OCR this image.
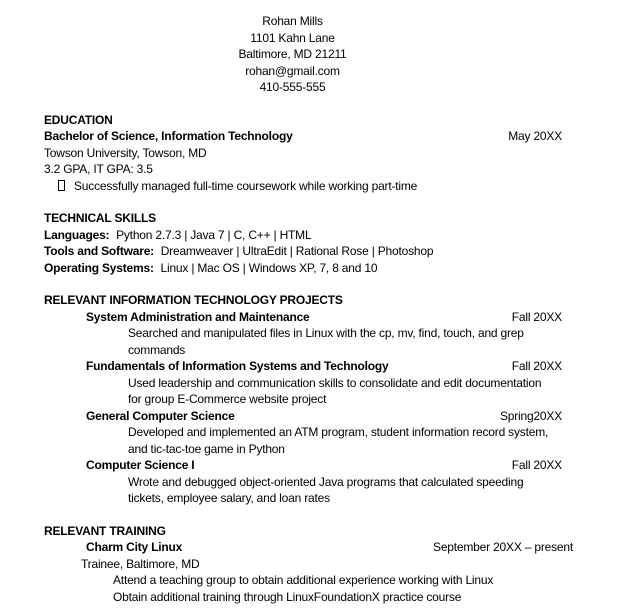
Rohan Mills
1101 Kahn Lane
Baltimore, MD 21211
rohan@gmail.com
410-555-555
EDUCATION
Bachelor of Science, Information Technology	May 20XX
Towson University, Towson, MD
3.2 GPA, IT GPA: 3.5
Successfully managed full-time coursework while working part-time
TECHNICAL SKILLS
Languages: Python 2.7.3 | Java 7 | C, C++ | HTML
Tools and Software: Dreamweaver | UltraEdit | Rational Rose | Photoshop
Operating Systems: Linux | Mac OS | Windows XP, 7, 8 and 10
RELEVANT INFORMATION TECHNOLOGY PROJECTS
System Administration and Maintenance	Fall 20XX
Searched and manipulated files in Linux with the cp, mv, find, touch, and grep
commands
Fundamentals of Information Systems and Technology	Fall 20XX
Used leadership and communication skills to consolidate and edit documentation
for group E-Commerce website project
General Computer Science	Spring20XX
Developed and implemented an ATM program, student information record system,
and tic-tac-toe game in Python
Computer Science I	Fall 20XX
Wrote and debugged object-oriented Java programs that calculated speeding
tickets, employee salary, and loan rates
RELEVANT TRAINING
Charm City Linux	September 20XX – present
Trainee, Baltimore, MD
Attend a teaching group to obtain additional experience working with Linux
Obtain additional training through LinuxFoundationX practice course
